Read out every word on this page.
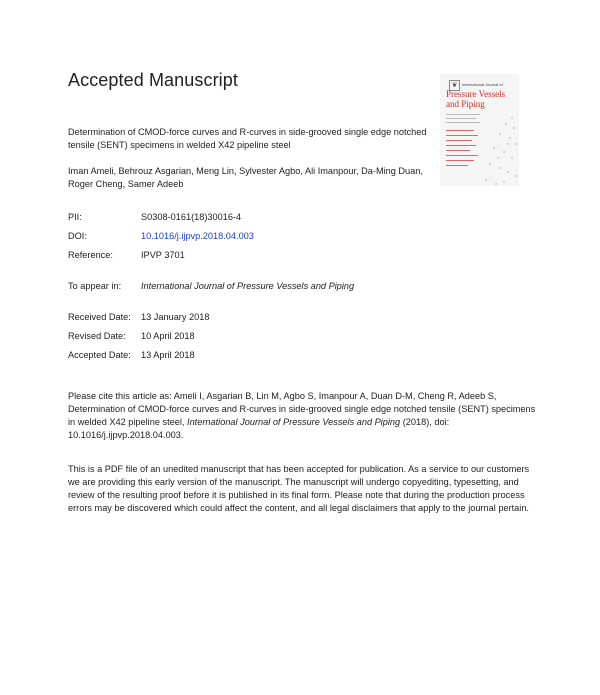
Accepted Manuscript	❦	International Journal of
Pressure Vessels and Piping
Determination of CMOD-force curves and R-curves in side-grooved single edge notched tensile (SENT) specimens in welded X42 pipeline steel
Iman Ameli, Behrouz Asgarian, Meng Lin, Sylvester Agbo, Ali Imanpour, Da-Ming Duan, Roger Cheng, Samer Adeeb
PII:	S0308-0161(18)30016-4
DOI:	10.1016/j.ijpvp.2018.04.003
Reference:	IPVP 3701
To appear in: International Journal of Pressure Vessels and Piping
Received Date: 13 January 2018
Revised Date: 10 April 2018
Accepted Date: 13 April 2018
Please cite this article as: Ameli I, Asgarian B, Lin M, Agbo S, Imanpour A, Duan D-M, Cheng R, Adeeb S, Determination of CMOD-force curves and R-curves in side-grooved single edge notched tensile (SENT) specimens in welded X42 pipeline steel, International Journal of Pressure Vessels and Piping (2018), doi: 10.1016/j.ijpvp.2018.04.003.
This is a PDF file of an unedited manuscript that has been accepted for publication. As a service to our customers we are providing this early version of the manuscript. The manuscript will undergo copyediting, typesetting, and review of the resulting proof before it is published in its final form. Please note that during the production process errors may be discovered which could affect the content, and all legal disclaimers that apply to the journal pertain.
